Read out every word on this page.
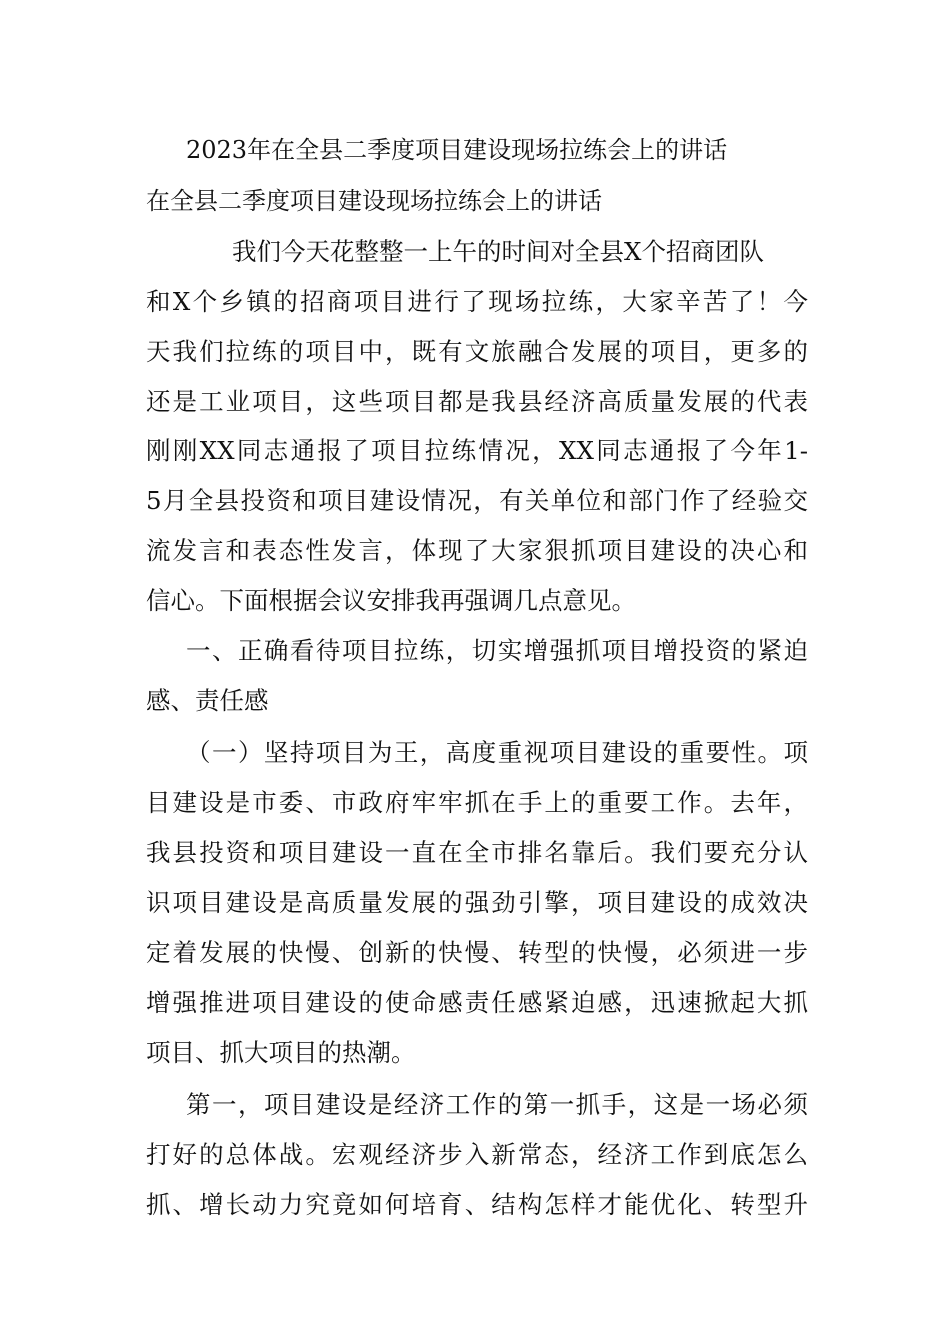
2023年在全县二季度项目建设现场拉练会上的讲话
在全县二季度项目建设现场拉练会上的讲话
我们今天花整整一上午的时间对全县X个招商团队
和X个乡镇的招商项目进行了现场拉练，大家辛苦了！今
天我们拉练的项目中，既有文旅融合发展的项目，更多的
还是工业项目，这些项目都是我县经济高质量发展的代表
刚刚XX同志通报了项目拉练情况，XX同志通报了今年1-
5月全县投资和项目建设情况，有关单位和部门作了经验交
流发言和表态性发言，体现了大家狠抓项目建设的决心和
信心。下面根据会议安排我再强调几点意见。
一、正确看待项目拉练，切实增强抓项目增投资的紧迫
感、责任感
（一）坚持项目为王，高度重视项目建设的重要性。项
目建设是市委、市政府牢牢抓在手上的重要工作。去年，
我县投资和项目建设一直在全市排名靠后。我们要充分认
识项目建设是高质量发展的强劲引擎，项目建设的成效决
定着发展的快慢、创新的快慢、转型的快慢，必须进一步
增强推进项目建设的使命感责任感紧迫感，迅速掀起大抓
项目、抓大项目的热潮。
第一，项目建设是经济工作的第一抓手，这是一场必须
打好的总体战。宏观经济步入新常态，经济工作到底怎么
抓、增长动力究竟如何培育、结构怎样才能优化、转型升
